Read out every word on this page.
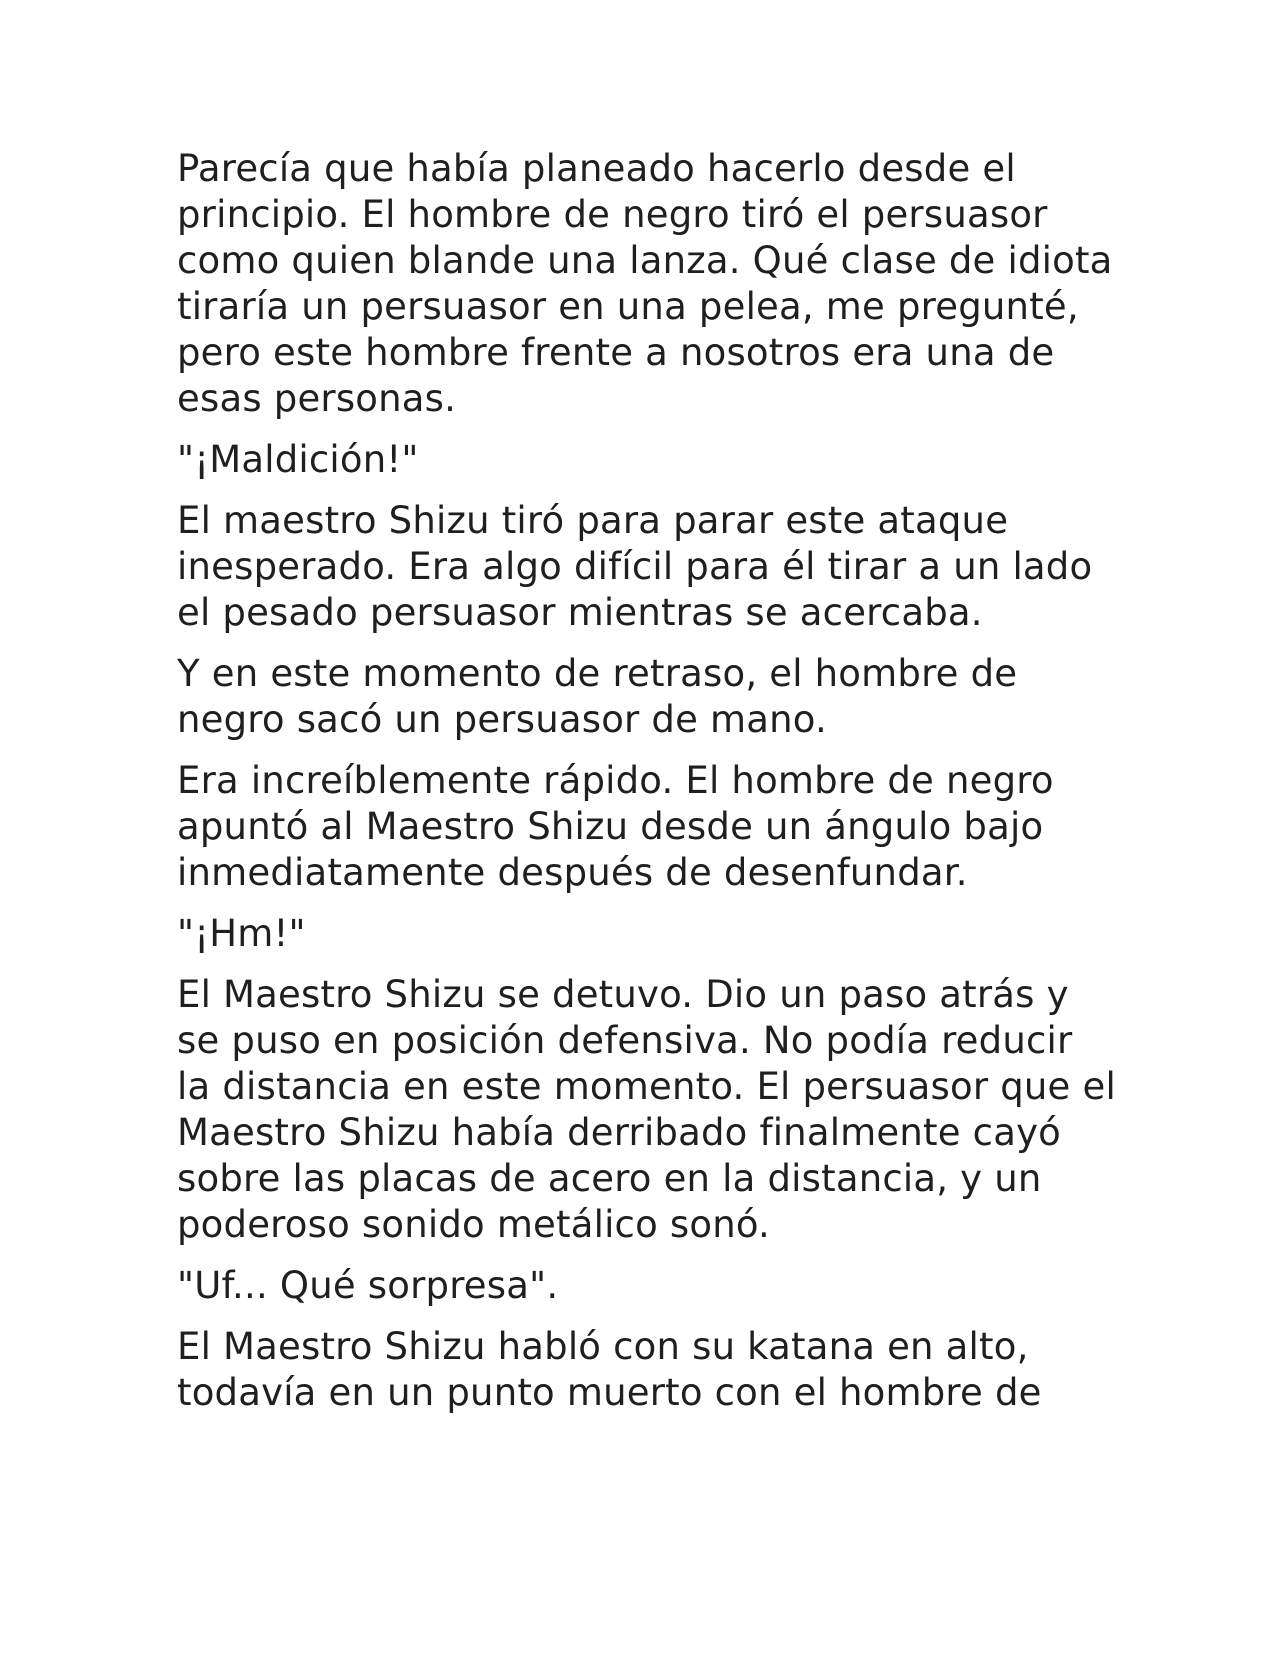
Parecía que había planeado hacerlo desde el principio. El hombre de negro tiró el persuasor como quien blande una lanza. Qué clase de idiota tiraría un persuasor en una pelea, me pregunté, pero este hombre frente a nosotros era una de esas personas.

"¡Maldición!"

El maestro Shizu tiró para parar este ataque inesperado. Era algo difícil para él tirar a un lado el pesado persuasor mientras se acercaba.

Y en este momento de retraso, el hombre de negro sacó un persuasor de mano.

Era increíblemente rápido. El hombre de negro apuntó al Maestro Shizu desde un ángulo bajo inmediatamente después de desenfundar.

"¡Hm!"

El Maestro Shizu se detuvo. Dio un paso atrás y se puso en posición defensiva. No podía reducir la distancia en este momento. El persuasor que el Maestro Shizu había derribado finalmente cayó sobre las placas de acero en la distancia, y un poderoso sonido metálico sonó.

"Uf... Qué sorpresa".

El Maestro Shizu habló con su katana en alto, todavía en un punto muerto con el hombre de
